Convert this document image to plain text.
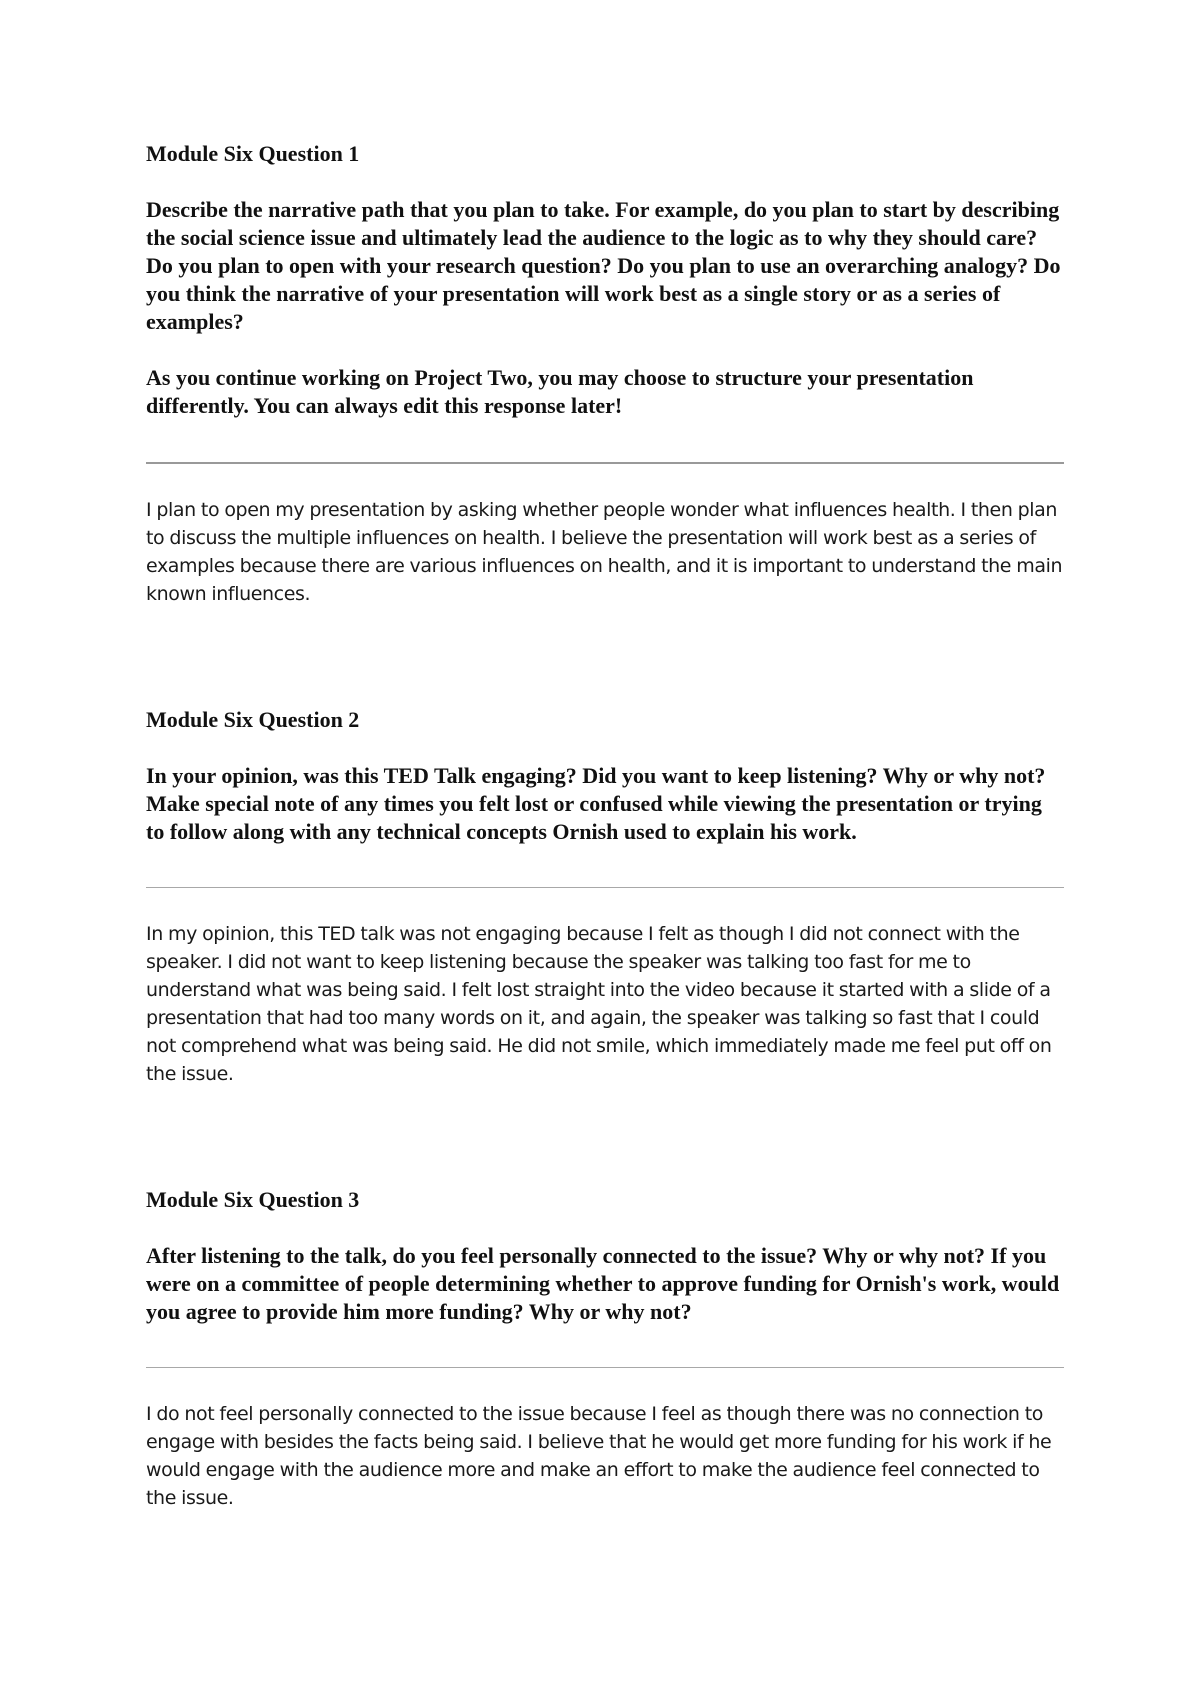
Module Six Question 1

Describe the narrative path that you plan to take. For example, do you plan to start by describing the social science issue and ultimately lead the audience to the logic as to why they should care? Do you plan to open with your research question? Do you plan to use an overarching analogy? Do you think the narrative of your presentation will work best as a single story or as a series of examples?

As you continue working on Project Two, you may choose to structure your presentation differently. You can always edit this response later!

I plan to open my presentation by asking whether people wonder what influences health. I then plan to discuss the multiple influences on health. I believe the presentation will work best as a series of examples because there are various influences on health, and it is important to understand the main known influences.

Module Six Question 2

In your opinion, was this TED Talk engaging? Did you want to keep listening? Why or why not? Make special note of any times you felt lost or confused while viewing the presentation or trying to follow along with any technical concepts Ornish used to explain his work.

In my opinion, this TED talk was not engaging because I felt as though I did not connect with the speaker. I did not want to keep listening because the speaker was talking too fast for me to understand what was being said. I felt lost straight into the video because it started with a slide of a presentation that had too many words on it, and again, the speaker was talking so fast that I could not comprehend what was being said. He did not smile, which immediately made me feel put off on the issue.

Module Six Question 3

After listening to the talk, do you feel personally connected to the issue? Why or why not? If you were on a committee of people determining whether to approve funding for Ornish's work, would you agree to provide him more funding? Why or why not?

I do not feel personally connected to the issue because I feel as though there was no connection to engage with besides the facts being said. I believe that he would get more funding for his work if he would engage with the audience more and make an effort to make the audience feel connected to the issue.
